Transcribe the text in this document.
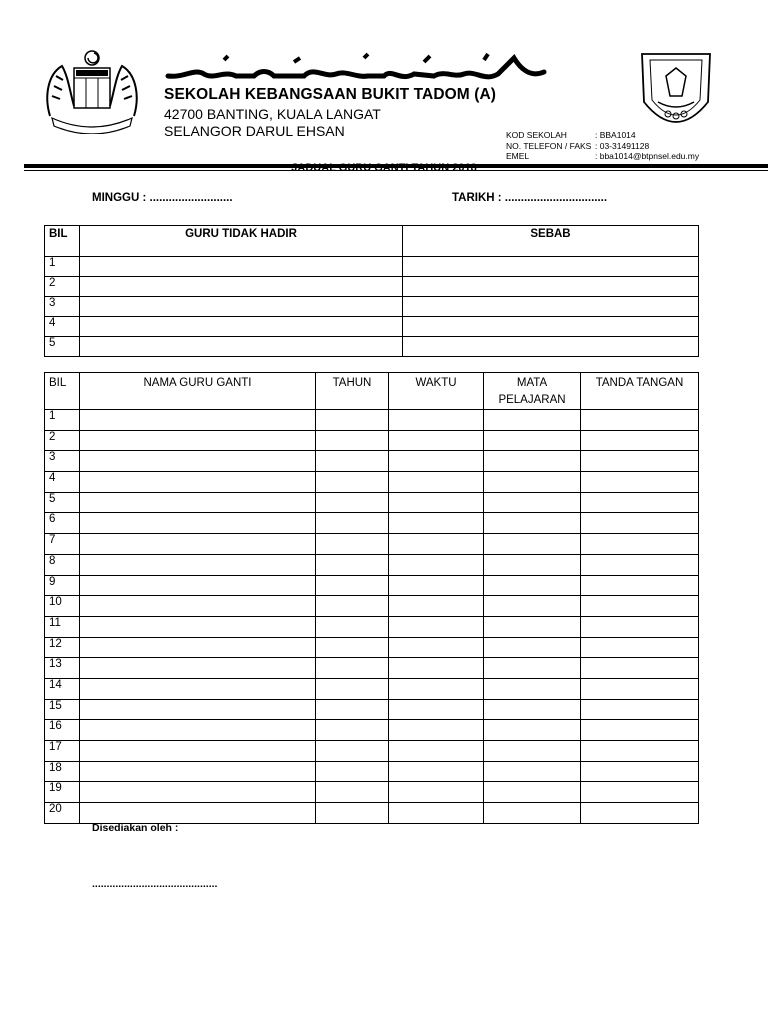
SEKOLAH KEBANGSAAN BUKIT TADOM (A)
42700 BANTING, KUALA LANGAT
SELANGOR DARUL EHSAN	KOD SEKOLAH	: BBA1014
NO. TELEFON / FAKS : 03-31491128
EMEL	: bba1014@btpnsel.edu.my
MINGGU : ..........................	TARIKH : ................................
BIL	GURU TIDAK HADIR	SEBAB
1		
2		
3		
4		
5		
BIL	NAMA GURU GANTI	TAHUN	WAKTU	MATA PELAJARAN	TANDA TANGAN
1					
2					
3					
4					
5					
6					
7					
8					
9					
10					
11					
12					
13					
14					
15					
16					
17					
18					
19					
20					
Disediakan oleh :
...........................................
